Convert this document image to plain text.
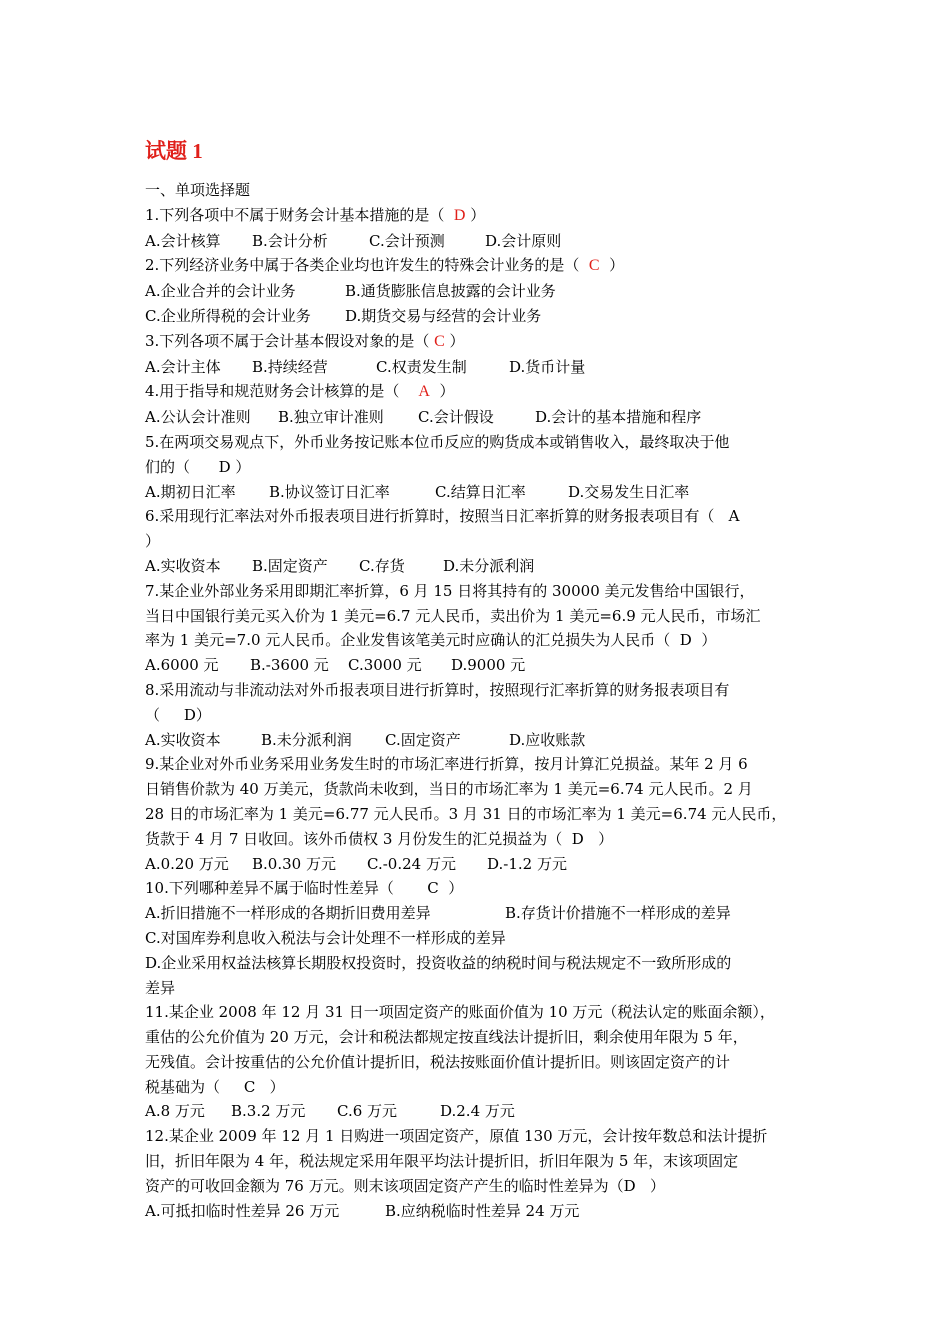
试题 1
一、单项选择题
1.下列各项中不属于财务会计基本措施的是（  D ）
A.会计核算 B.会计分析	C.会计预测	D.会计原则
2.下列经济业务中属于各类企业均也许发生的特殊会计业务的是（  C  ）
A.企业合并的会计业务	B.通货膨胀信息披露的会计业务
C.企业所得税的会计业务 D.期货交易与经营的会计业务
3.下列各项不属于会计基本假设对象的是（ C ）
A.会计主体 B.持续经营	C.权责发生制	D.货币计量
4.用于指导和规范财务会计核算的是（    A  ）
A.公认会计准则 B.独立审计准则 C.会计假设	D.会计的基本措施和程序
5.在两项交易观点下，外币业务按记账本位币反应的购货成本或销售收入，最终取决于他
们的（      D ）
A.期初日汇率 B.协议签订日汇率	C.结算日汇率	D.交易发生日汇率
6.采用现行汇率法对外币报表项目进行折算时，按照当日汇率折算的财务报表项目有（   A
）
A.实收资本 B.固定资产 C.存货	D.未分派利润
7.某企业外部业务采用即期汇率折算，6 月 15 日将其持有的 30000 美元发售给中国银行，
当日中国银行美元买入价为 1 美元=6.7 元人民币，卖出价为 1 美元=6.9 元人民币，市场汇
率为 1 美元=7.0 元人民币。企业发售该笔美元时应确认的汇兑损失为人民币（  D  ）
A.6000 元 B.-3600 元 C.3000 元 D.9000 元
8.采用流动与非流动法对外币报表项目进行折算时，按照现行汇率折算的财务报表项目有
（     D）
A.实收资本	B.未分派利润 C.固定资产	D.应收账款
9.某企业对外币业务采用业务发生时的市场汇率进行折算，按月计算汇兑损益。某年 2 月 6
日销售价款为 40 万美元，货款尚未收到，当日的市场汇率为 1 美元=6.74 元人民币。2 月
28 日的市场汇率为 1 美元=6.77 元人民币。3 月 31 日的市场汇率为 1 美元=6.74 元人民币，
货款于 4 月 7 日收回。该外币债权 3 月份发生的汇兑损益为（  D   ）
A.0.20 万元 B.0.30 万元 C.-0.24 万元 D.-1.2 万元
10.下列哪种差异不属于临时性差异（       C  ）
A.折旧措施不一样形成的各期折旧费用差异	B.存货计价措施不一样形成的差异
C.对国库券利息收入税法与会计处理不一样形成的差异
D.企业采用权益法核算长期股权投资时，投资收益的纳税时间与税法规定不一致所形成的
差异
11.某企业 2008 年 12 月 31 日一项固定资产的账面价值为 10 万元（税法认定的账面余额），
重估的公允价值为 20 万元，会计和税法都规定按直线法计提折旧，剩余使用年限为 5 年，
无残值。会计按重估的公允价值计提折旧，税法按账面价值计提折旧。则该固定资产的计
税基础为（     C   ）
A.8 万元 B.3.2 万元 C.6 万元	D.2.4 万元
12.某企业 2009 年 12 月 1 日购进一项固定资产，原值 130 万元，会计按年数总和法计提折
旧，折旧年限为 4 年，税法规定采用年限平均法计提折旧，折旧年限为 5 年，末该项固定
资产的可收回金额为 76 万元。则末该项固定资产产生的临时性差异为（D   ）
A.可抵扣临时性差异 26 万元	B.应纳税临时性差异 24 万元
